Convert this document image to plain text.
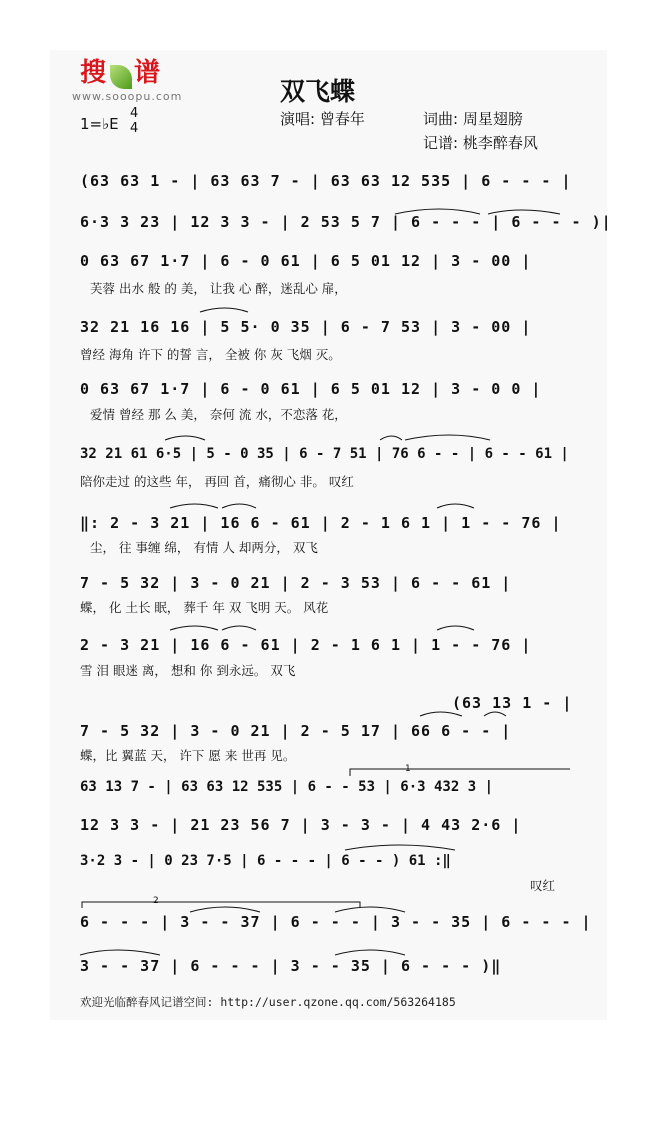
搜 谱
www.sooopu.com	双飞蝶
1=♭E
4
4
演唱: 曾春年	词曲: 周星翅膀
记谱: 桃李醉春风
(63 63 1 - | 63 63 7 - | 63 63 12 535 | 6 - - - |
6·3 3 23 | 12 3 3 - | 2 53 5 7 | 6 - - - | 6 - - - )|
0 63 67 1·7 | 6 - 0 61 | 6 5 01 12 | 3 - 00 |
芙蓉 出水 般 的 美， 让我 心 醉，迷乱心 扉，
32 21 16 16 | 5 5· 0 35 | 6 - 7 53 | 3 - 00 |
曾经 海角 许下 的誓 言， 全被 你 灰 飞烟 灭。
0 63 67 1·7 | 6 - 0 61 | 6 5 01 12 | 3 - 0 0 |
爱情 曾经 那 么 美， 奈何 流 水，不恋落 花，
32 21 61 6·5 | 5 - 0 35 | 6 - 7 51 | 76 6 - - | 6 - - 61 |
陪你走过 的这些 年， 再回 首，痛彻心 非。 叹红
‖: 2 - 3 21 | 16 6 - 61 | 2 - 1 6 1 | 1 - - 76 |
尘， 往 事缠 绵， 有情 人 却两分， 双飞
7 - 5 32 | 3 - 0 21 | 2 - 3 53 | 6 - - 61 |
蝶， 化 土长 眠， 葬千 年 双 飞明 天。 风花
2 - 3 21 | 16 6 - 61 | 2 - 1 6 1 | 1 - - 76 |
雪 泪 眼迷 离， 想和 你 到永远。 双飞
(63 13 1 - |
7 - 5 32 | 3 - 0 21 | 2 - 5 17 | 66 6 - - |
蝶，比 翼蓝 天， 许下 愿 来 世再 见。
63 13 7 - | 63 63 12 535 | 6 - - 53 | 6·3 432 3 |
12 3 3 - | 21 23 56 7 | 3 - 3 - | 4 43 2·6 |
3·2 3 - | 0 23 7·5 | 6 - - - | 6 - - ) 61 :‖
叹红
1
2
6 - - - | 3 - - 37 | 6 - - - | 3 - - 35 | 6 - - - |
3 - - 37 | 6 - - - | 3 - - 35 | 6 - - - )‖
欢迎光临醉春风记谱空间: http://user.qzone.qq.com/563264185
